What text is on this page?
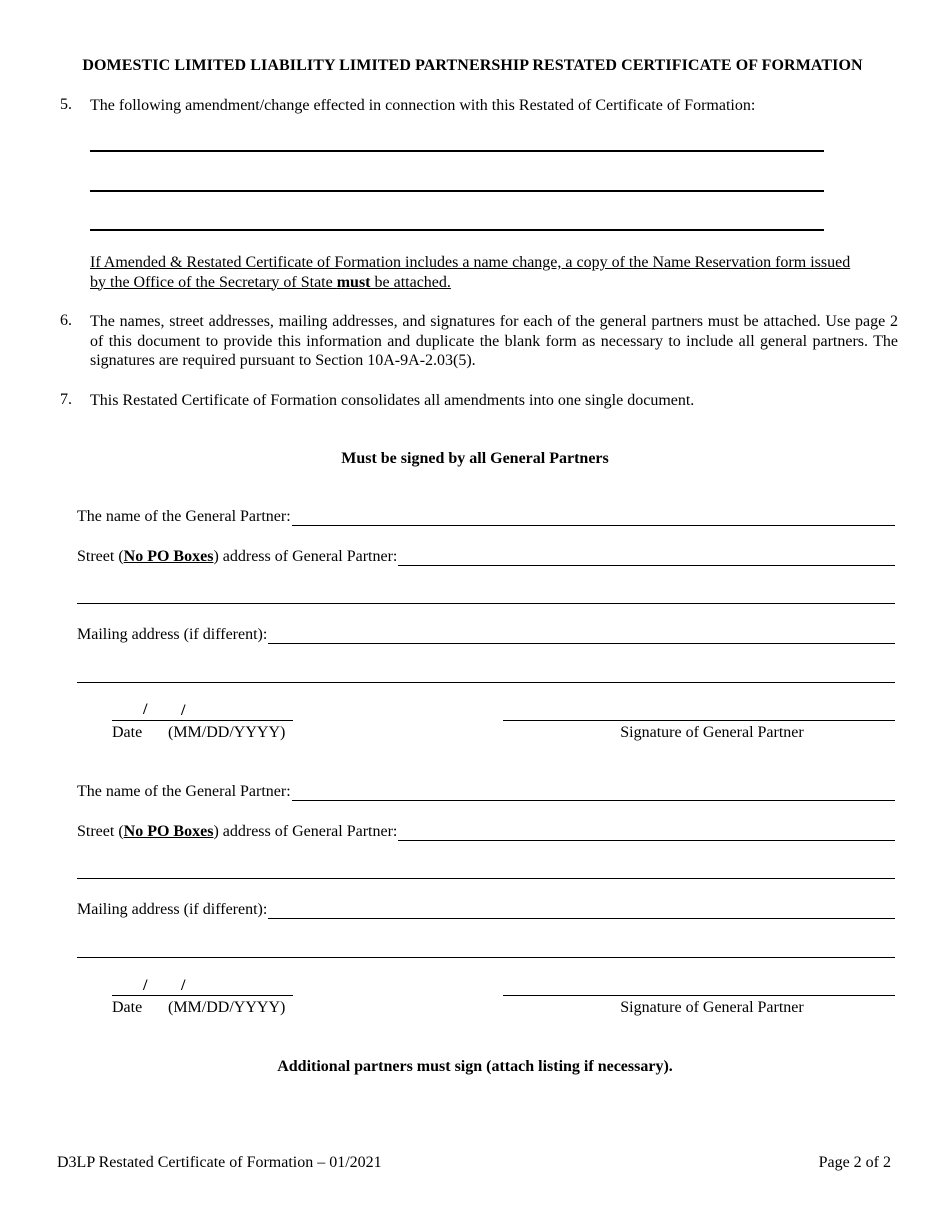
DOMESTIC LIMITED LIABILITY LIMITED PARTNERSHIP RESTATED CERTIFICATE OF FORMATION
5.	The following amendment/change effected in connection with this Restated of Certificate of Formation:
If Amended & Restated Certificate of Formation includes a name change, a copy of the Name Reservation form issued by the Office of the Secretary of State must be attached.
6.	The names, street addresses, mailing addresses, and signatures for each of the general partners must be attached. Use page 2 of this document to provide this information and duplicate the blank form as necessary to include all general partners. The signatures are required pursuant to Section 10A-9A-2.03(5).
7.	This Restated Certificate of Formation consolidates all amendments into one single document.
Must be signed by all General Partners
The name of the General Partner:
Street (No PO Boxes) address of General Partner:
Mailing address (if different):
/ /
Date (MM/DD/YYYY)	Signature of General Partner
The name of the General Partner:
Street (No PO Boxes) address of General Partner:
Mailing address (if different):
/ /
Date (MM/DD/YYYY)	Signature of General Partner
Additional partners must sign (attach listing if necessary).
D3LP Restated Certificate of Formation – 01/2021	Page 2 of 2
